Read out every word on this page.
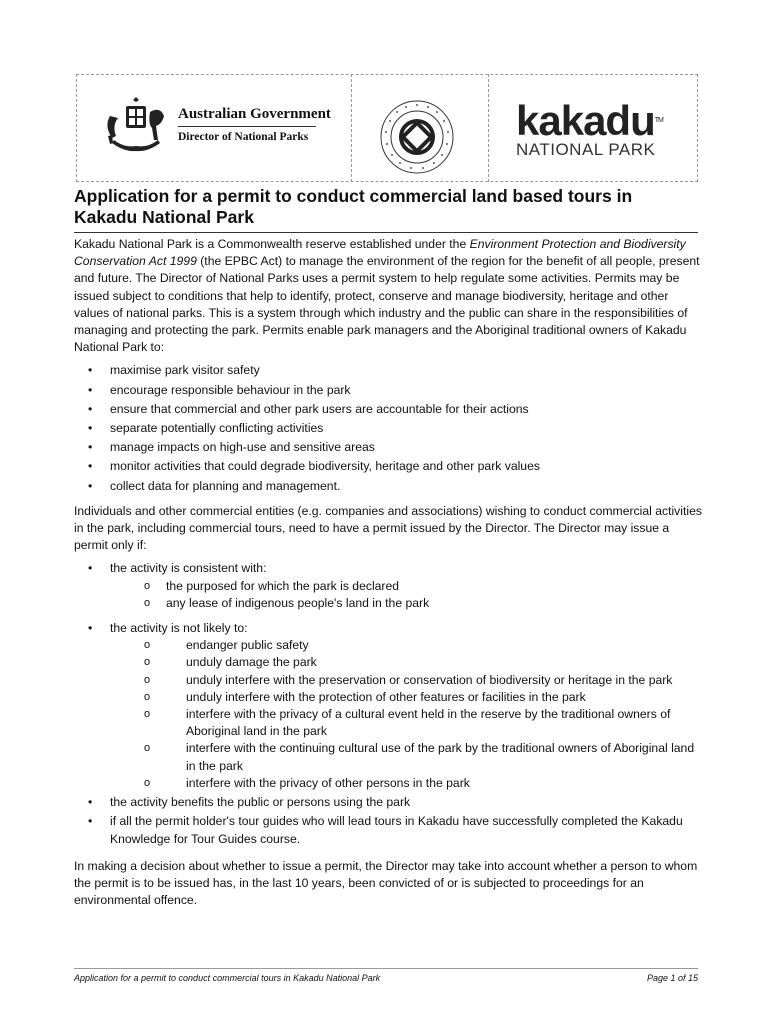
Australian Government
Director of National Parks	kakadu™
NATIONAL PARK
Application for a permit to conduct commercial land based tours in Kakadu National Park

Kakadu National Park is a Commonwealth reserve established under the Environment Protection and Biodiversity Conservation Act 1999 (the EPBC Act) to manage the environment of the region for the benefit of all people, present and future. The Director of National Parks uses a permit system to help regulate some activities. Permits may be issued subject to conditions that help to identify, protect, conserve and manage biodiversity, heritage and other values of national parks. This is a system through which industry and the public can share in the responsibilities of managing and protecting the park. Permits enable park managers and the Aboriginal traditional owners of Kakadu National Park to:

• maximise park visitor safety
• encourage responsible behaviour in the park
• ensure that commercial and other park users are accountable for their actions
• separate potentially conflicting activities
• manage impacts on high-use and sensitive areas
• monitor activities that could degrade biodiversity, heritage and other park values
• collect data for planning and management.

Individuals and other commercial entities (e.g. companies and associations) wishing to conduct commercial activities in the park, including commercial tours, need to have a permit issued by the Director. The Director may issue a permit only if:

• the activity is consistent with:
o the purposed for which the park is declared
o any lease of indigenous people's land in the park
• the activity is not likely to:
o endanger public safety
o unduly damage the park
o unduly interfere with the preservation or conservation of biodiversity or heritage in the park
o unduly interfere with the protection of other features or facilities in the park
o interfere with the privacy of a cultural event held in the reserve by the traditional owners of Aboriginal land in the park
o interfere with the continuing cultural use of the park by the traditional owners of Aboriginal land in the park
o interfere with the privacy of other persons in the park
• the activity benefits the public or persons using the park
• if all the permit holder's tour guides who will lead tours in Kakadu have successfully completed the Kakadu Knowledge for Tour Guides course.

In making a decision about whether to issue a permit, the Director may take into account whether a person to whom the permit is to be issued has, in the last 10 years, been convicted of or is subjected to proceedings for an environmental offence.

Application for a permit to conduct commercial tours in Kakadu National Park	Page 1 of 15
